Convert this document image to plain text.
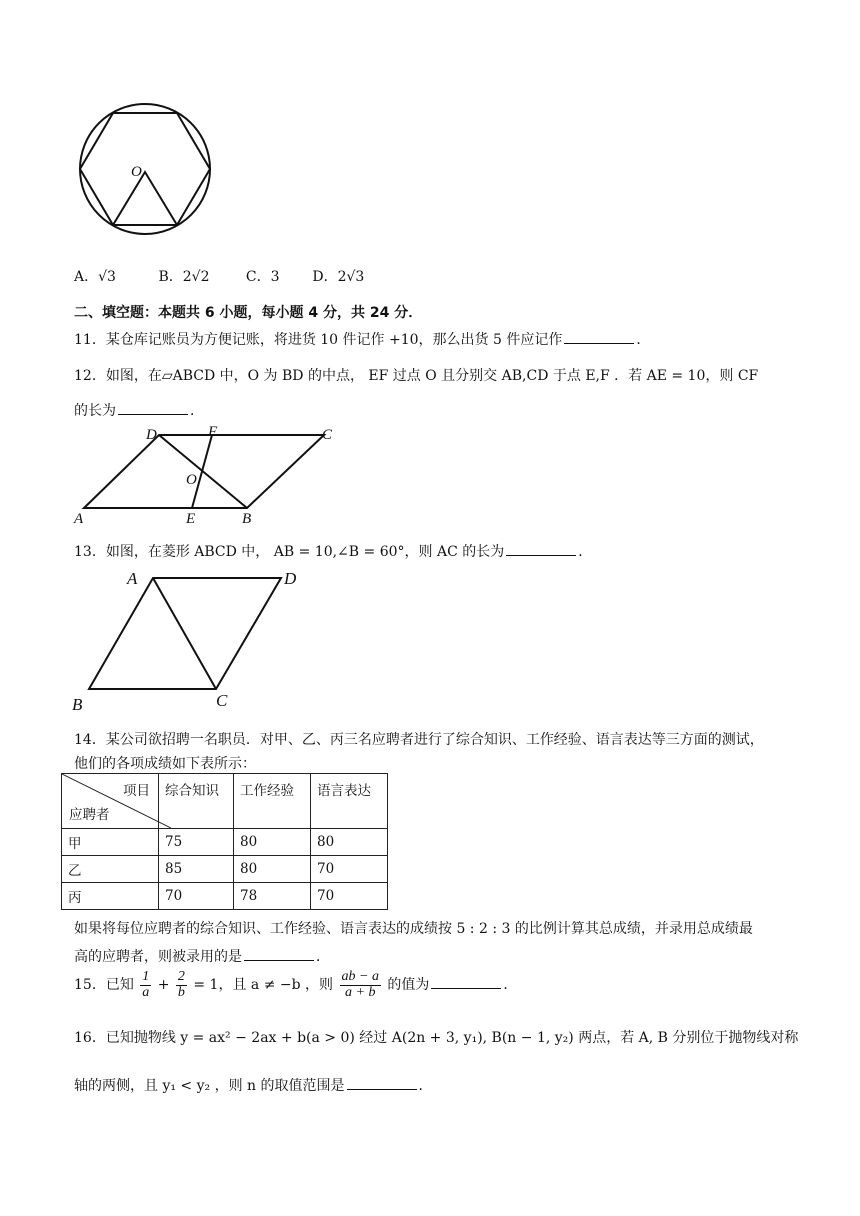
O
A．√3	B．2√2	C．3 D．2√3
二、填空题：本题共 6 小题，每小题 4 分，共 24 分．
11．某仓库记账员为方便记账，将进货 10 件记作 +10，那么出货 5 件应记作	．
12．如图，在▱ABCD 中，O 为 BD 的中点， EF 过点 O 且分别交 AB,CD 于点 E,F ．若 AE = 10，则 CF
的长为	．
D	F	C
O
A	E	B
13．如图，在菱形 ABCD 中， AB = 10,∠B = 60°，则 AC 的长为	．
A	D
B	C
14．某公司欲招聘一名职员．对甲、乙、丙三名应聘者进行了综合知识、工作经验、语言表达等三方面的测试，
他们的各项成绩如下表所示：
项目
应聘者	综合知识	工作经验	语言表达

甲	75	80	80
乙	85	80	70
丙	70	78	70
如果将每位应聘者的综合知识、工作经验、语言表达的成绩按 5 : 2 : 3 的比例计算其总成绩，并录用总成绩最
高的应聘者，则被录用的是	．
15．已知 $\frac{1}{a} + \frac{2}{b} = 1$，且 a ≠ −b ，则 $\frac{ab - a}{a + b}$ 的值为	．
16．已知抛物线 y = ax² − 2ax + b(a > 0) 经过 A(2n + 3, y₁), B(n − 1, y₂) 两点，若 A, B 分别位于抛物线对称
轴的两侧，且 y₁ < y₂ ，则 n 的取值范围是	．
